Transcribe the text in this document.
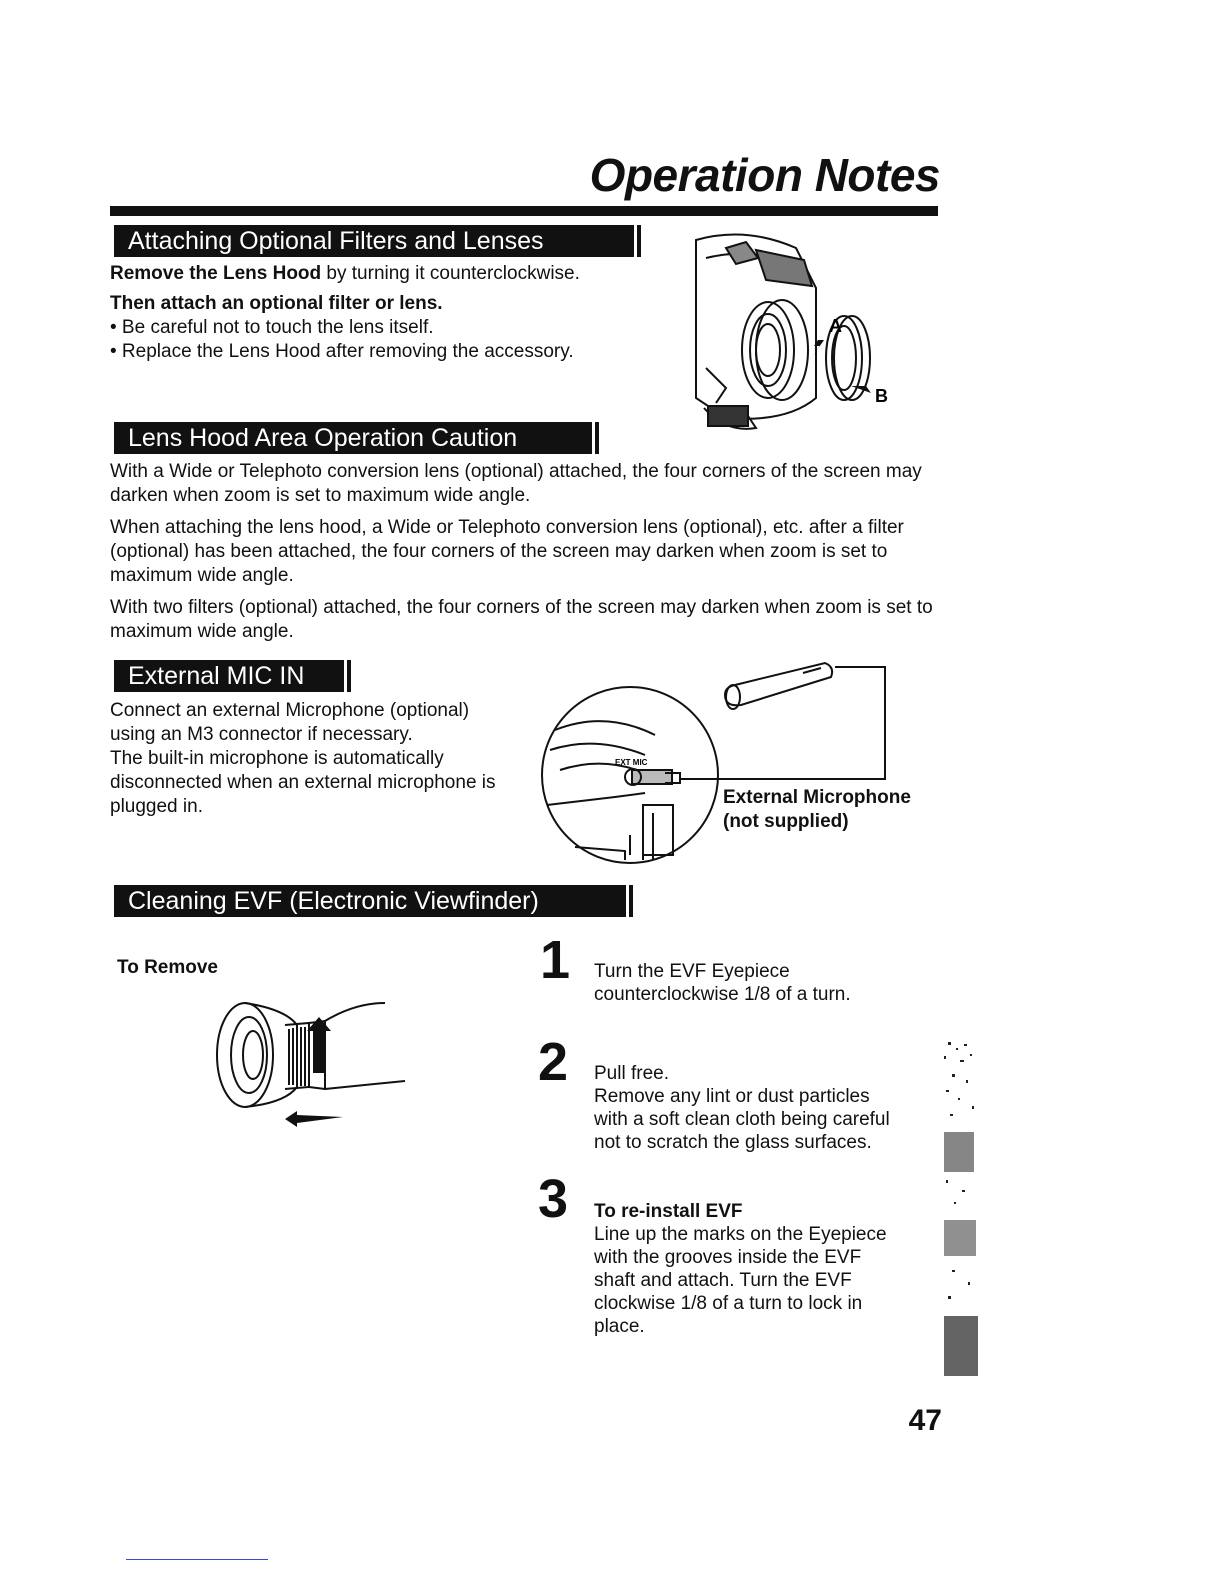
Operation Notes
Attaching Optional Filters and Lenses

Remove the Lens Hood by turning it counterclockwise.

Then attach an optional filter or lens.

• Be careful not to touch the lens itself.

• Replace the Lens Hood after removing the accessory.

A
B
Lens Hood Area Operation Caution

With a Wide or Telephoto conversion lens (optional) attached, the four corners of the screen may darken when zoom is set to maximum wide angle.

When attaching the lens hood, a Wide or Telephoto conversion lens (optional), etc. after a filter (optional) has been attached, the four corners of the screen may darken when zoom is set to maximum wide angle.

With two filters (optional) attached, the four corners of the screen may darken when zoom is set to maximum wide angle.

External MIC IN

Connect an external Microphone (optional) using an M3 connector if necessary.

The built-in microphone is automatically disconnected when an external microphone is plugged in.

EXT MIC

External Microphone

(not supplied)

Cleaning EVF (Electronic Viewfinder)
To Remove	1 Turn the EVF Eyepiece
counterclockwise 1/8 of a turn.
2 Pull free.
Remove any lint or dust particles
with a soft clean cloth being careful
not to scratch the glass surfaces.
3 To re-install EVF
Line up the marks on the Eyepiece
with the grooves inside the EVF
shaft and attach. Turn the EVF
clockwise 1/8 of a turn to lock in
place.
47
